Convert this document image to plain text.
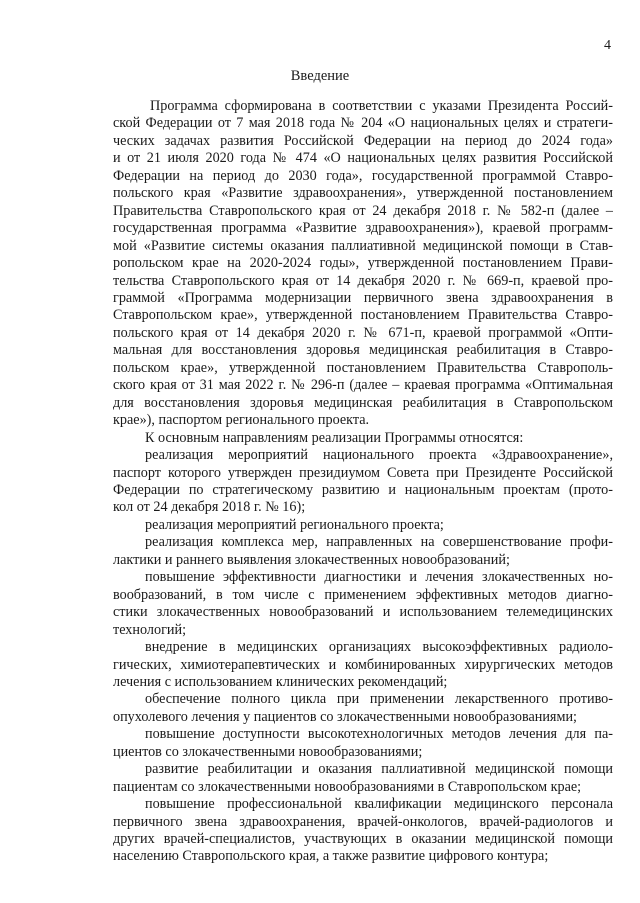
4
Введение
Программа сформирована в соответствии с указами Президента Россий-
ской Федерации от 7 мая 2018 года № 204 «О национальных целях и стратеги-
ческих задачах развития Российской Федерации на период до 2024 года»
и от 21 июля 2020 года № 474 «О национальных целях развития Российской
Федерации на период до 2030 года», государственной программой Ставро-
польского края «Развитие здравоохранения», утвержденной постановлением
Правительства Ставропольского края от 24 декабря 2018 г. № 582-п (далее –
государственная программа «Развитие здравоохранения»), краевой программ-
мой «Развитие системы оказания паллиативной медицинской помощи в Став-
ропольском крае на 2020-2024 годы», утвержденной постановлением Прави-
тельства Ставропольского края от 14 декабря 2020 г. № 669-п, краевой про-
граммой «Программа модернизации первичного звена здравоохранения в
Ставропольском крае», утвержденной постановлением Правительства Ставро-
польского края от 14 декабря 2020 г. № 671-п, краевой программой «Опти-
мальная для восстановления здоровья медицинская реабилитация в Ставро-
польском крае», утвержденной постановлением Правительства Ставрополь-
ского края от 31 мая 2022 г. № 296-п (далее – краевая программа «Оптимальная
для восстановления здоровья медицинская реабилитация в Ставропольском
крае»), паспортом регионального проекта.
К основным направлениям реализации Программы относятся:
реализация мероприятий национального проекта «Здравоохранение»,
паспорт которого утвержден президиумом Совета при Президенте Российской
Федерации по стратегическому развитию и национальным проектам (прото-
кол от 24 декабря 2018 г. № 16);
реализация мероприятий регионального проекта;
реализация комплекса мер, направленных на совершенствование профи-
лактики и раннего выявления злокачественных новообразований;
повышение эффективности диагностики и лечения злокачественных но-
вообразований, в том числе с применением эффективных методов диагно-
стики злокачественных новообразований и использованием телемедицинских
технологий;
внедрение в медицинских организациях высокоэффективных радиоло-
гических, химиотерапевтических и комбинированных хирургических методов
лечения с использованием клинических рекомендаций;
обеспечение полного цикла при применении лекарственного противо-
опухолевого лечения у пациентов со злокачественными новообразованиями;
повышение доступности высокотехнологичных методов лечения для па-
циентов со злокачественными новообразованиями;
развитие реабилитации и оказания паллиативной медицинской помощи
пациентам со злокачественными новообразованиями в Ставропольском крае;
повышение профессиональной квалификации медицинского персонала
первичного звена здравоохранения, врачей-онкологов, врачей-радиологов и
других врачей-специалистов, участвующих в оказании медицинской помощи
населению Ставропольского края, а также развитие цифрового контура;
